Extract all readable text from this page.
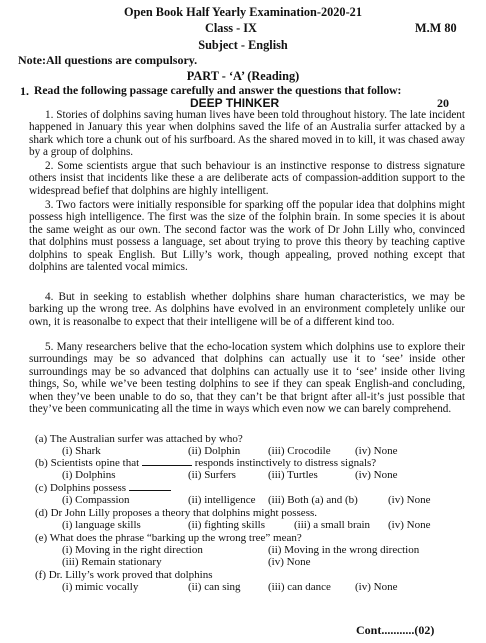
Open Book Half Yearly Examination-2020-21
Class - IX	M.M 80
Subject - English
Note:All questions are compulsory.
PART - ‘A’ (Reading)
1. Read the following passage carefully and answer the questions that follow:
DEEP THINKER	20

1. Stories of dolphins saving human lives have been told throughout history. The late incident happened in January this year when dolphins saved the life of an Australia surfer attacked by a shark which tore a chunk out of his surfboard. As the shared moved in to kill, it was chased away by a group of dolphins.

2. Some scientists argue that such behaviour is an instinctive response to distress signature others insist that incidents like these a are deliberate acts of compassion-addition support to the widespread befief that dolphins are highly intelligent.

3. Two factors were initially responsible for sparking off the popular idea that dolphins might possess high intelligence. The first was the size of the folphin brain. In some species it is about the same weight as our own. The second factor was the work of Dr John Lilly who, convinced that dolphins must possess a language, set about trying to prove this theory by teaching captive dolphins to speak English. But Lilly’s work, though appealing, proved nothing except that dolphins are talented vocal mimics.

4. But in seeking to establish whether dolphins share human characteristics, we may be barking up the wrong tree. As dolphins have evolved in an environment completely unlike our own, it is reasonalbe to expect that their intelligene will be of a different kind too.

5. Many researchers belive that the echo-location system which dolphins use to explore their surroundings may be so advanced that dolphins can actually use it to ‘see’ inside other surroundings may be so advanced that dolphins can actually use it to ‘see’ inside other living things, So, while we’ve been testing dolphins to see if they can speak English-and concluding, when they’ve been unable to do so, that they can’t be that brignt after all-it’s just possible that they’ve been communicating all the time in ways which even now we can barely comprehend.

(a) The Australian surfer was attached by who?
(i) Shark	(ii) Dolphin	(iii) Crocodile (iv) None
(b) Scientists opine that	responds instinctively to distress signals?
(i) Dolphins	(ii) Surfers	(iii) Turtles	(iv) None
(c) Dolphins possess
(i) Compassion	(ii) intelligence (iii) Both (a) and (b)	(iv) None
(d) Dr John Lilly proposes a theory that dolphins might possess.
(i) language skills	(ii) fighting skills	(iii) a small brain (iv) None
(e) What does the phrase “barking up the wrong tree” mean?
(i) Moving in the right direction	(ii) Moving in the wrong direction
(iii) Remain stationary	(iv) None
(f) Dr. Lilly’s work proved that dolphins
(i) mimic vocally	(ii) can sing (iii) can dance (iv) None
Cont...........(02)
